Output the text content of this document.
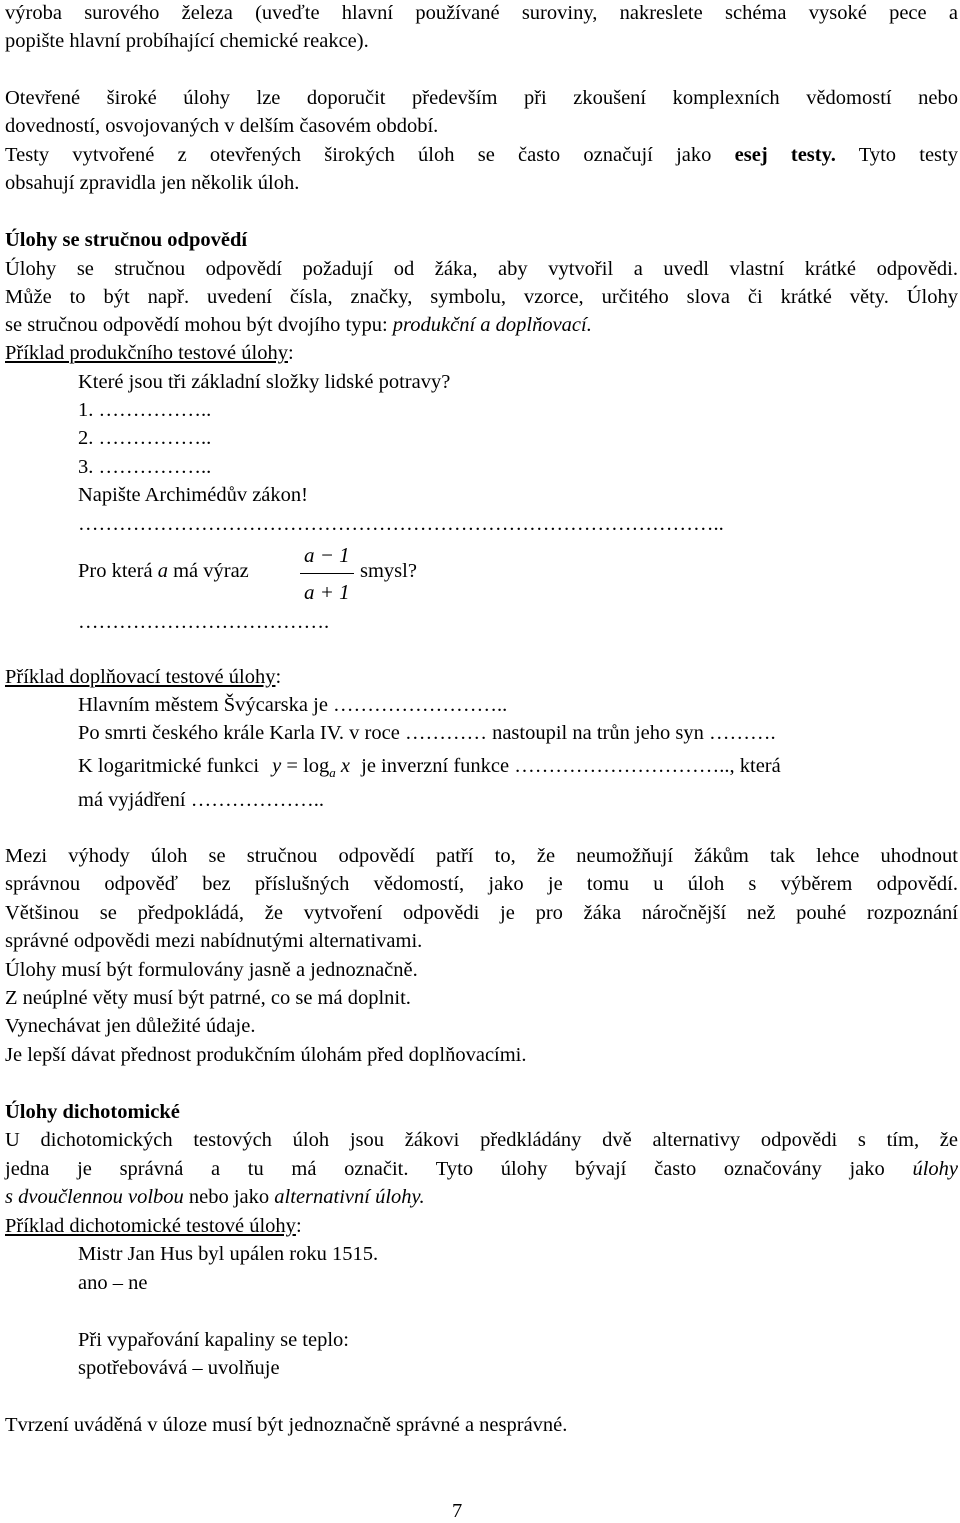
výroba surového železa (uveďte hlavní používané suroviny, nakreslete schéma vysoké pece a
popište hlavní probíhající chemické reakce).
Otevřené široké úlohy lze doporučit především při zkoušení komplexních vědomostí nebo
dovedností, osvojovaných v delším časovém období.
Testy vytvořené z otevřených širokých úloh se často označují jako esej testy. Tyto testy
obsahují zpravidla jen několik úloh.
Úlohy se stručnou odpovědí
Úlohy se stručnou odpovědí požadují od žáka, aby vytvořil a uvedl vlastní krátké odpovědi.
Může to být např. uvedení čísla, značky, symbolu, vzorce, určitého slova či krátké věty. Úlohy
se stručnou odpovědí mohou být dvojího typu: produkční a doplňovací.
Příklad produkčního testové úlohy:
Které jsou tři základní složky lidské potravy?
1. ……………..
2. ……………..
3. ……………..
Napište Archimédův zákon!
…………………………………………………………………………………..
Pro která a má výraz
a − 1
a + 1
smysl?
……………………………….
Příklad doplňovací testové úlohy:
Hlavním městem Švýcarska je ……………………..
Po smrti českého krále Karla IV. v roce ………… nastoupil na trůn jeho syn ……….
K logaritmické funkci $y = \log_a x$ je inverzní funkce ………………………….., která
má vyjádření ………………..
Mezi výhody úloh se stručnou odpovědí patří to, že neumožňují žákům tak lehce uhodnout
správnou odpověď bez příslušných vědomostí, jako je tomu u úloh s výběrem odpovědí.
Většinou se předpokládá, že vytvoření odpovědi je pro žáka náročnější než pouhé rozpoznání
správné odpovědi mezi nabídnutými alternativami.
Úlohy musí být formulovány jasně a jednoznačně.
Z neúplné věty musí být patrné, co se má doplnit.
Vynechávat jen důležité údaje.
Je lepší dávat přednost produkčním úlohám před doplňovacími.
Úlohy dichotomické
U dichotomických testových úloh jsou žákovi předkládány dvě alternativy odpovědi s tím, že
jedna je správná a tu má označit. Tyto úlohy bývají často označovány jako úlohy
s dvoučlennou volbou nebo jako alternativní úlohy.
Příklad dichotomické testové úlohy:
Mistr Jan Hus byl upálen roku 1515.
ano – ne
Při vypařování kapaliny se teplo:
spotřebovává – uvolňuje
Tvrzení uváděná v úloze musí být jednoznačně správné a nesprávné.
7
